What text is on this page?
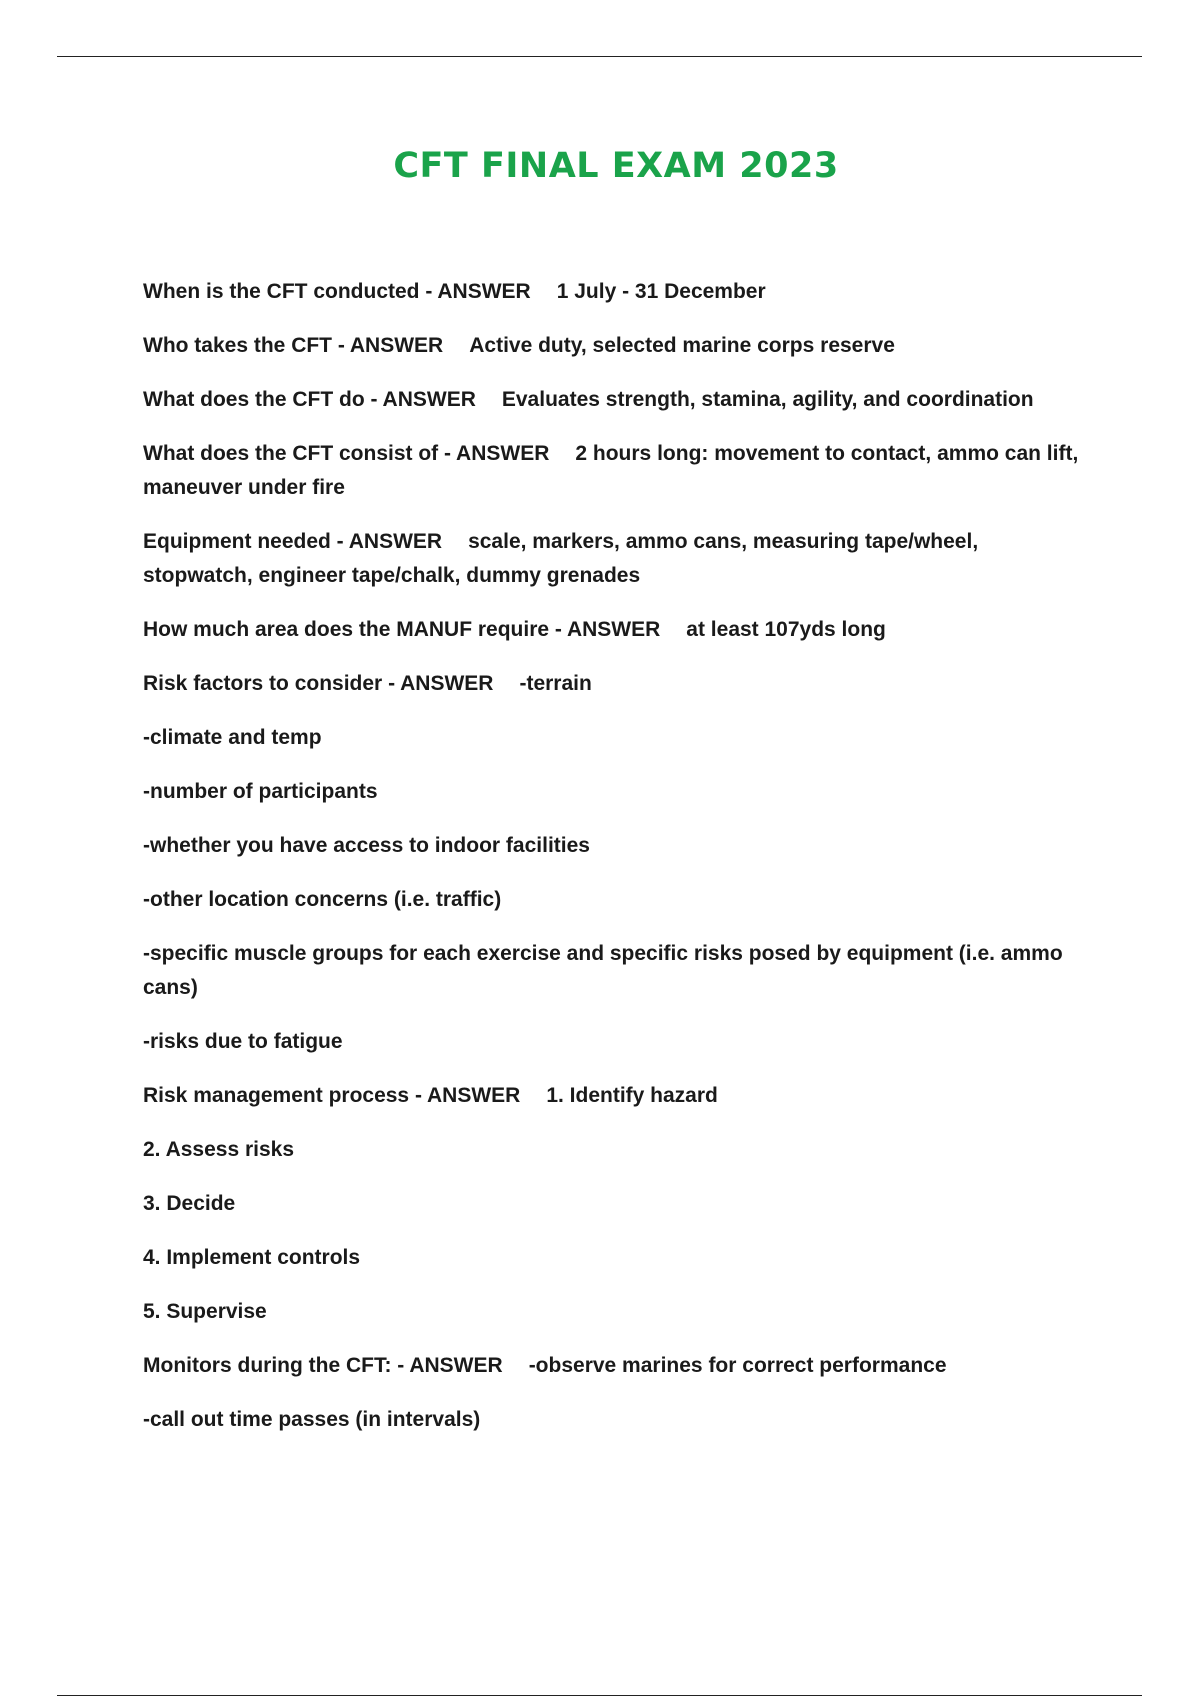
CFT FINAL EXAM 2023
When is the CFT conducted - ANSWER 1 July - 31 December
Who takes the CFT - ANSWER Active duty, selected marine corps reserve
What does the CFT do - ANSWER Evaluates strength, stamina, agility, and coordination
What does the CFT consist of - ANSWER 2 hours long: movement to contact, ammo can lift, maneuver under fire
Equipment needed - ANSWER scale, markers, ammo cans, measuring tape/wheel, stopwatch, engineer tape/chalk, dummy grenades
How much area does the MANUF require - ANSWER at least 107yds long
Risk factors to consider - ANSWER -terrain
-climate and temp
-number of participants
-whether you have access to indoor facilities
-other location concerns (i.e. traffic)
-specific muscle groups for each exercise and specific risks posed by equipment (i.e. ammo cans)
-risks due to fatigue
Risk management process - ANSWER 1. Identify hazard
2. Assess risks
3. Decide
4. Implement controls
5. Supervise
Monitors during the CFT: - ANSWER -observe marines for correct performance
-call out time passes (in intervals)
